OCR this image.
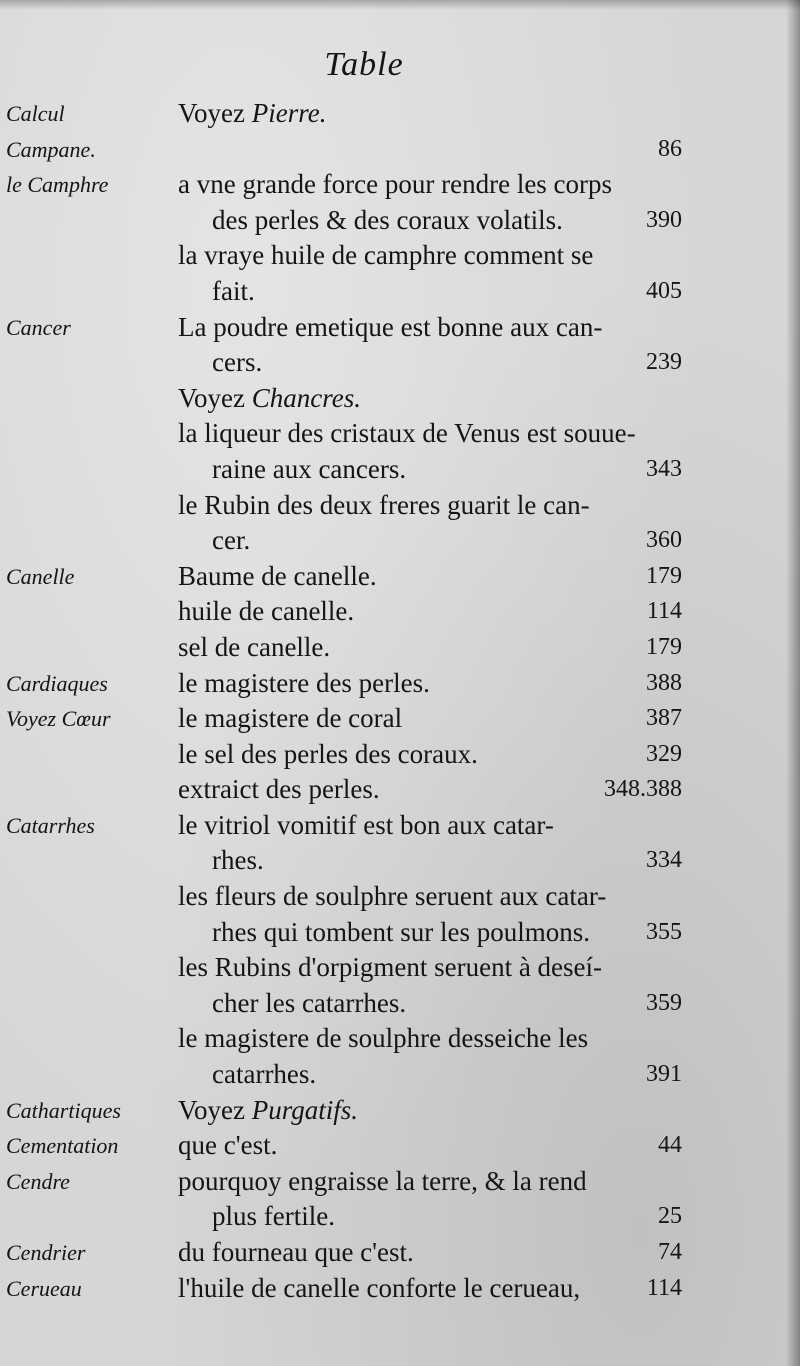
Table
Calcul	Voyez Pierre.
Campane.	86
le Camphre	a vne grande force pour rendre les corps
des perles & des coraux volatils.	390
la vraye huile de camphre comment se
fait.	405
Cancer	La poudre emetique est bonne aux can-
cers.	239
Voyez Chancres.
la liqueur des cristaux de Venus est souue-
raine aux cancers.	343
le Rubin des deux freres guarit le can-
cer.	360
Canelle	Baume de canelle.	179
huile de canelle.	114
sel de canelle.	179
Cardiaques	le magistere des perles.	388
Voyez Cœur	le magistere de coral	387
le sel des perles des coraux.	329
extraict des perles.	348.388
Catarrhes	le vitriol vomitif est bon aux catar-
rhes.	334
les fleurs de soulphre seruent aux catar-
rhes qui tombent sur les poulmons. 355
les Rubins d'orpigment seruent à deseí-
cher les catarrhes.	359
le magistere de soulphre desseiche les
catarrhes.	391
Cathartiques Voyez Purgatifs.
Cementation que c'est.	44
Cendre	pourquoy engraisse la terre, & la rend
plus fertile.	25
Cendrier	du fourneau que c'est.	74
Cerueau	l'huile de canelle conforte le cerueau,	114
